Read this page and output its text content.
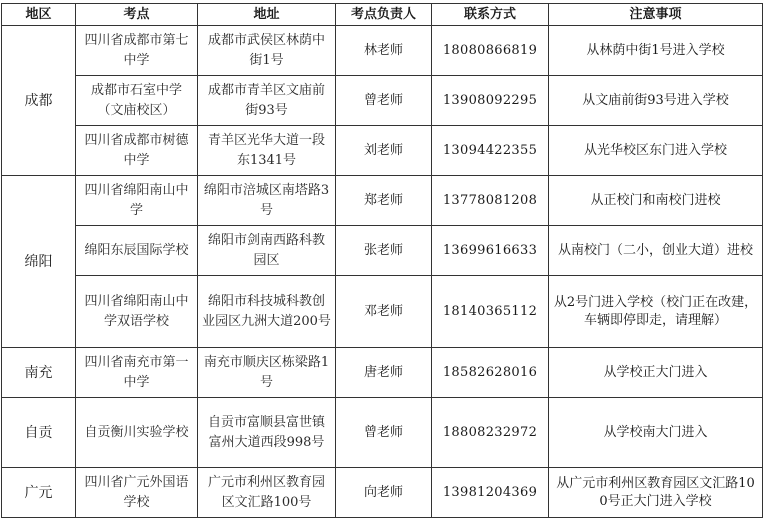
地区	考点	地址	考点负责人	联系方式	注意事项
成都	四川省成都市第七中学	成都市武侯区林荫中街1号	林老师	18080866819	从林荫中街1号进入学校
	成都市石室中学（文庙校区）	成都市青羊区文庙前街93号	曾老师	13908092295	从文庙前街93号进入学校
	四川省成都市树德中学	青羊区光华大道一段东1341号	刘老师	13094422355	从光华校区东门进入学校
绵阳	四川省绵阳南山中学	绵阳市涪城区南塔路3号	郑老师	13778081208	从正校门和南校门进校
	绵阳东辰国际学校	绵阳市剑南西路科教园区	张老师	13699616633	从南校门（二小，创业大道）进校
	四川省绵阳南山中学双语学校	绵阳市科技城科教创业园区九洲大道200号	邓老师	18140365112	从2号门进入学校（校门正在改建，车辆即停即走，请理解）
南充	四川省南充市第一中学	南充市顺庆区栋梁路1号	唐老师	18582628016	从学校正大门进入
自贡	自贡衡川实验学校	自贡市富顺县富世镇富州大道西段998号	曾老师	18808232972	从学校南大门进入
广元	四川省广元外国语学校	广元市利州区教育园区文汇路100号	向老师	13981204369	从广元市利州区教育园区文汇路100号正大门进入学校
